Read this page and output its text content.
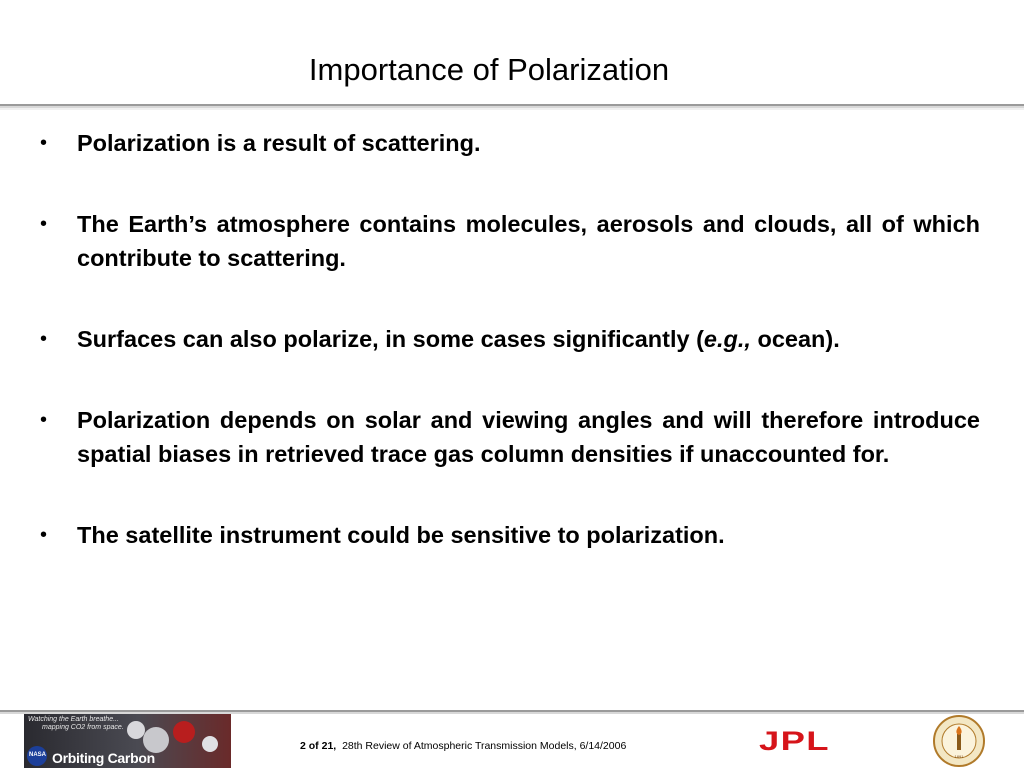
Importance of Polarization
• Polarization is a result of scattering.
• The Earth’s atmosphere contains molecules, aerosols and clouds, all of which contribute to scattering.
• Surfaces can also polarize, in some cases significantly (e.g., ocean).
• Polarization depends on solar and viewing angles and will therefore introduce spatial biases in retrieved trace gas column densities if unaccounted for.
• The satellite instrument could be sensitive to polarization.
Watching the Earth breathe...
mapping CO2 from space.
NASA Orbiting Carbon Observatory
2 of 21, 28th Review of Atmospheric Transmission Models, 6/14/2006	JPL
1891
